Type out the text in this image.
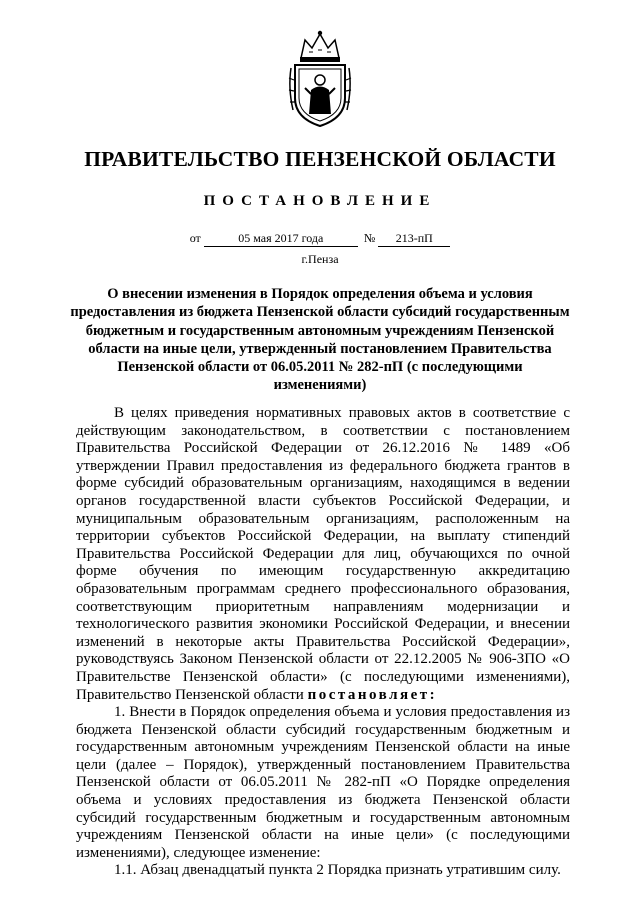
ПРАВИТЕЛЬСТВО ПЕНЗЕНСКОЙ ОБЛАСТИ
ПОСТАНОВЛЕНИЕ
от	05 мая 2017 года	№ 213-пП
г.Пенза
О внесении изменения в Порядок определения объема и условия предоставления из бюджета Пензенской области субсидий государственным бюджетным и государственным автономным учреждениям Пензенской области на иные цели, утвержденный постановлением Правительства Пензенской области от 06.05.2011 № 282-пП (с последующими изменениями)

В целях приведения нормативных правовых актов в соответствие с действующим законодательством, в соответствии с постановлением Правительства Российской Федерации от 26.12.2016 № 1489 «Об утверждении Правил предоставления из федерального бюджета грантов в форме субсидий образовательным организациям, находящимся в ведении органов государственной власти субъектов Российской Федерации, и муниципальным образовательным организациям, расположенным на территории субъектов Российской Федерации, на выплату стипендий Правительства Российской Федерации для лиц, обучающихся по очной форме обучения по имеющим государственную аккредитацию образовательным программам среднего профессионального образования, соответствующим приоритетным направлениям модернизации и технологического развития экономики Российской Федерации, и внесении изменений в некоторые акты Правительства Российской Федерации», руководствуясь Законом Пензенской области от 22.12.2005 № 906-ЗПО «О Правительстве Пензенской области» (с последующими изменениями), Правительство Пензенской области постановляет:

1. Внести в Порядок определения объема и условия предоставления из бюджета Пензенской области субсидий государственным бюджетным и государственным автономным учреждениям Пензенской области на иные цели (далее – Порядок), утвержденный постановлением Правительства Пензенской области от 06.05.2011 № 282-пП «О Порядке определения объема и условиях предоставления из бюджета Пензенской области субсидий государственным бюджетным и государственным автономным учреждениям Пензенской области на иные цели» (с последующими изменениями), следующее изменение:

1.1. Абзац двенадцатый пункта 2 Порядка признать утратившим силу.
